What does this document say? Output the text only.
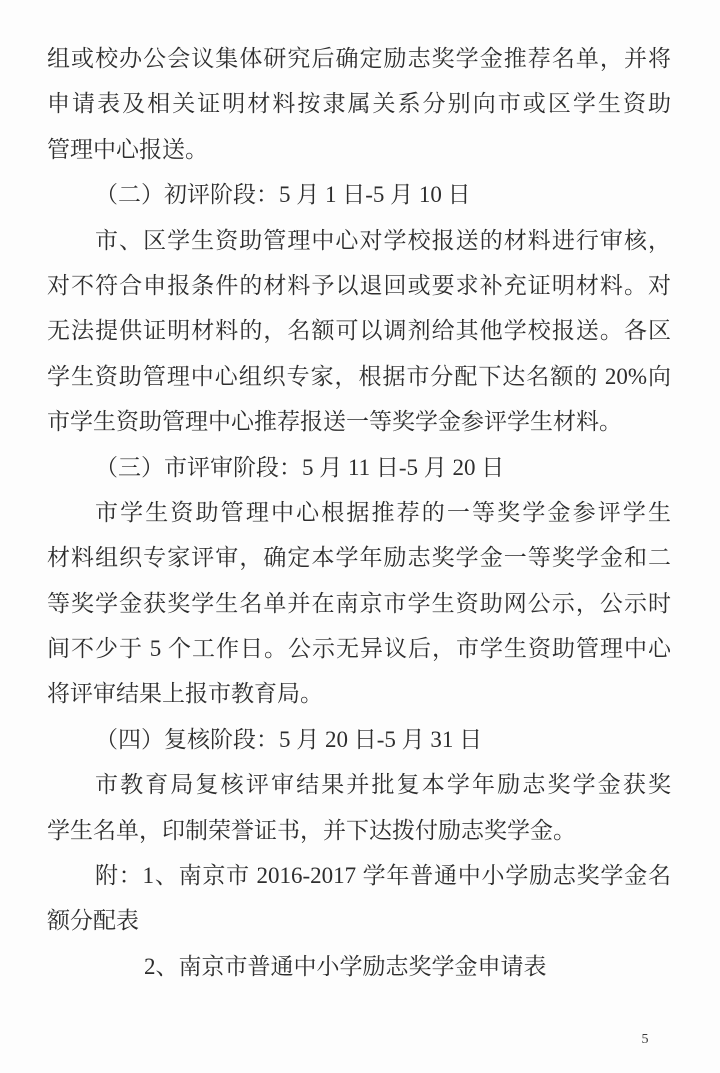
组或校办公会议集体研究后确定励志奖学金推荐名单，并将
申请表及相关证明材料按隶属关系分别向市或区学生资助
管理中心报送。
（二）初评阶段：5 月 1 日-5 月 10 日
市、区学生资助管理中心对学校报送的材料进行审核，
对不符合申报条件的材料予以退回或要求补充证明材料。对
无法提供证明材料的，名额可以调剂给其他学校报送。各区
学生资助管理中心组织专家，根据市分配下达名额的 20%向
市学生资助管理中心推荐报送一等奖学金参评学生材料。
（三）市评审阶段：5 月 11 日-5 月 20 日
市学生资助管理中心根据推荐的一等奖学金参评学生
材料组织专家评审，确定本学年励志奖学金一等奖学金和二
等奖学金获奖学生名单并在南京市学生资助网公示，公示时
间不少于 5 个工作日。公示无异议后，市学生资助管理中心
将评审结果上报市教育局。
（四）复核阶段：5 月 20 日-5 月 31 日
市教育局复核评审结果并批复本学年励志奖学金获奖
学生名单，印制荣誉证书，并下达拨付励志奖学金。
附：1、南京市 2016-2017 学年普通中小学励志奖学金名
额分配表
2、南京市普通中小学励志奖学金申请表
5
